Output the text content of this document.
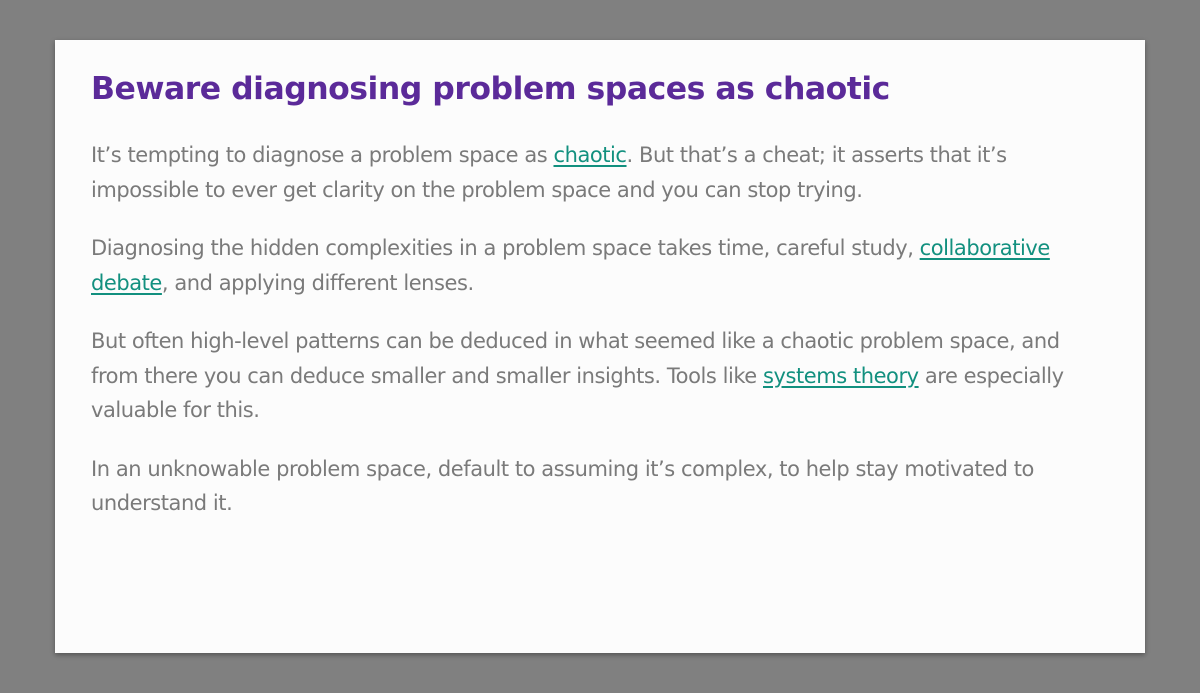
Beware diagnosing problem spaces as chaotic

It’s tempting to diagnose a problem space as chaotic. But that’s a cheat; it asserts that it’s impossible to ever get clarity on the problem space and you can stop trying.

Diagnosing the hidden complexities in a problem space takes time, careful study, collaborative debate, and applying different lenses.

But often high-level patterns can be deduced in what seemed like a chaotic problem space, and from there you can deduce smaller and smaller insights. Tools like systems theory are especially valuable for this.

In an unknowable problem space, default to assuming it’s complex, to help stay motivated to understand it.
